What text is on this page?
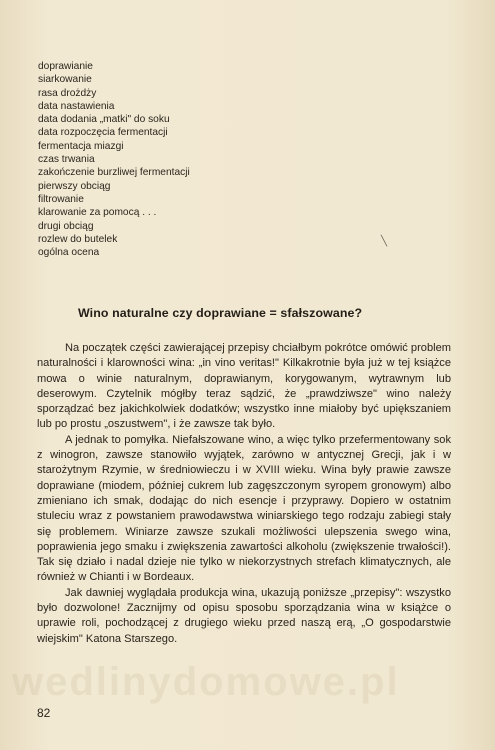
doprawianie
siarkowanie
rasa drożdży
data nastawienia
data dodania „matki" do soku
data rozpoczęcia fermentacji
fermentacja miazgi
czas trwania
zakończenie burzliwej fermentacji
pierwszy obciąg
filtrowanie
klarowanie za pomocą . . .
drugi obciąg
rozlew do butelek
ogólna ocena
╲
Wino naturalne czy doprawiane = sfałszowane?

Na początek części zawierającej przepisy chciałbym pokrótce omówić problem naturalności i klarowności wina: „in vino veritas!" Kilkakrotnie była już w tej książce mowa o winie naturalnym, doprawianym, korygowanym, wytrawnym lub deserowym. Czytelnik mógłby teraz sądzić, że „prawdziwsze" wino należy sporządzać bez jakichkolwiek dodatków; wszystko inne miałoby być upiększaniem lub po prostu „oszustwem", i że zawsze tak było.

A jednak to pomyłka. Niefałszowane wino, a więc tylko przefermentowany sok z winogron, zawsze stanowiło wyjątek, zarówno w antycznej Grecji, jak i w starożytnym Rzymie, w średniowieczu i w XVIII wieku. Wina były prawie zawsze doprawiane (miodem, później cukrem lub zagęszczonym syropem gronowym) albo zmieniano ich smak, dodając do nich esencje i przyprawy. Dopiero w ostatnim stuleciu wraz z powstaniem prawodawstwa winiarskiego tego rodzaju zabiegi stały się problemem. Winiarze zawsze szukali możliwości ulepszenia swego wina, poprawienia jego smaku i zwiększenia zawartości alkoholu (zwiększenie trwałości!). Tak się działo i nadal dzieje nie tylko w niekorzystnych strefach klimatycznych, ale również w Chianti i w Bordeaux.

Jak dawniej wyglądała produkcja wina, ukazują poniższe „przepisy": wszystko było dozwolone! Zacznijmy od opisu sposobu sporządzania wina w książce o uprawie roli, pochodzącej z drugiego wieku przed naszą erą, „O gospodarstwie wiejskim" Katona Starszego.

wedlinydomowe.pl
82
